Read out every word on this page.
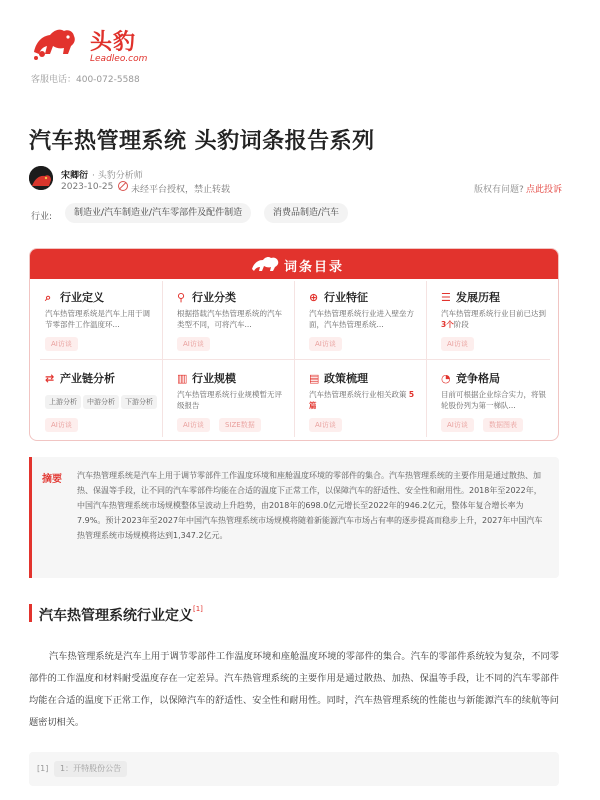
头豹
Leadleo.com
客服电话：400-072-5588
汽车热管理系统 头豹词条报告系列
宋卿衍 · 头豹分析师
2023-10-25 未经平台授权，禁止转载	版权有问题? 点此投诉
行业:	制造业/汽车制造业/汽车零部件及配件制造	消费品制造/汽车
词条目录
⌕ 行业定义
汽车热管理系统是汽车上用于调节零部件工作温度环...
AI访谈
⚲ 行业分类
根据搭载汽车热管理系统的汽车类型不同，可将汽车...
AI访谈
⊕ 行业特征
汽车热管理系统行业进入壁垒方面，汽车热管理系统...
AI访谈
☰ 发展历程
汽车热管理系统行业目前已达到 3个阶段
AI访谈
⇄ 产业链分析
上游分析	中游分析	下游分析
AI访谈
▥ 行业规模
汽车热管理系统行业规模暂无评级报告
AI访谈	SIZE数据
▤ 政策梳理
汽车热管理系统行业相关政策 5篇
AI访谈
◔ 竞争格局
目前可根据企业综合实力，将银轮股份列为第一梯队...
AI访谈	数据图表
摘要 汽车热管理系统是汽车上用于调节零部件工作温度环境和座舱温度环境的零部件的集合。汽车热管理系统的主要作用是通过散热、加热、保温等手段，让不同的汽车零部件均能在合适的温度下正常工作，以保障汽车的舒适性、安全性和耐用性。2018年至2022年，中国汽车热管理系统市场规模整体呈波动上升趋势，由2018年的698.0亿元增长至2022年的946.2亿元，整体年复合增长率为7.9%。预计2023年至2027年中国汽车热管理系统市场规模将随着新能源汽车市场占有率的逐步提高而稳步上升，2027年中国汽车热管理系统市场规模将达到1,347.2亿元。
汽车热管理系统行业定义[1]
汽车热管理系统是汽车上用于调节零部件工作温度环境和座舱温度环境的零部件的集合。汽车的零部件系统较为复杂，不同零部件的工作温度和材料耐受温度存在一定差异。汽车热管理系统的主要作用是通过散热、加热、保温等手段，让不同的汽车零部件均能在合适的温度下正常工作，以保障汽车的舒适性、安全性和耐用性。同时，汽车热管理系统的性能也与新能源汽车的续航等问题密切相关。
[1]	1：开特股份公告
